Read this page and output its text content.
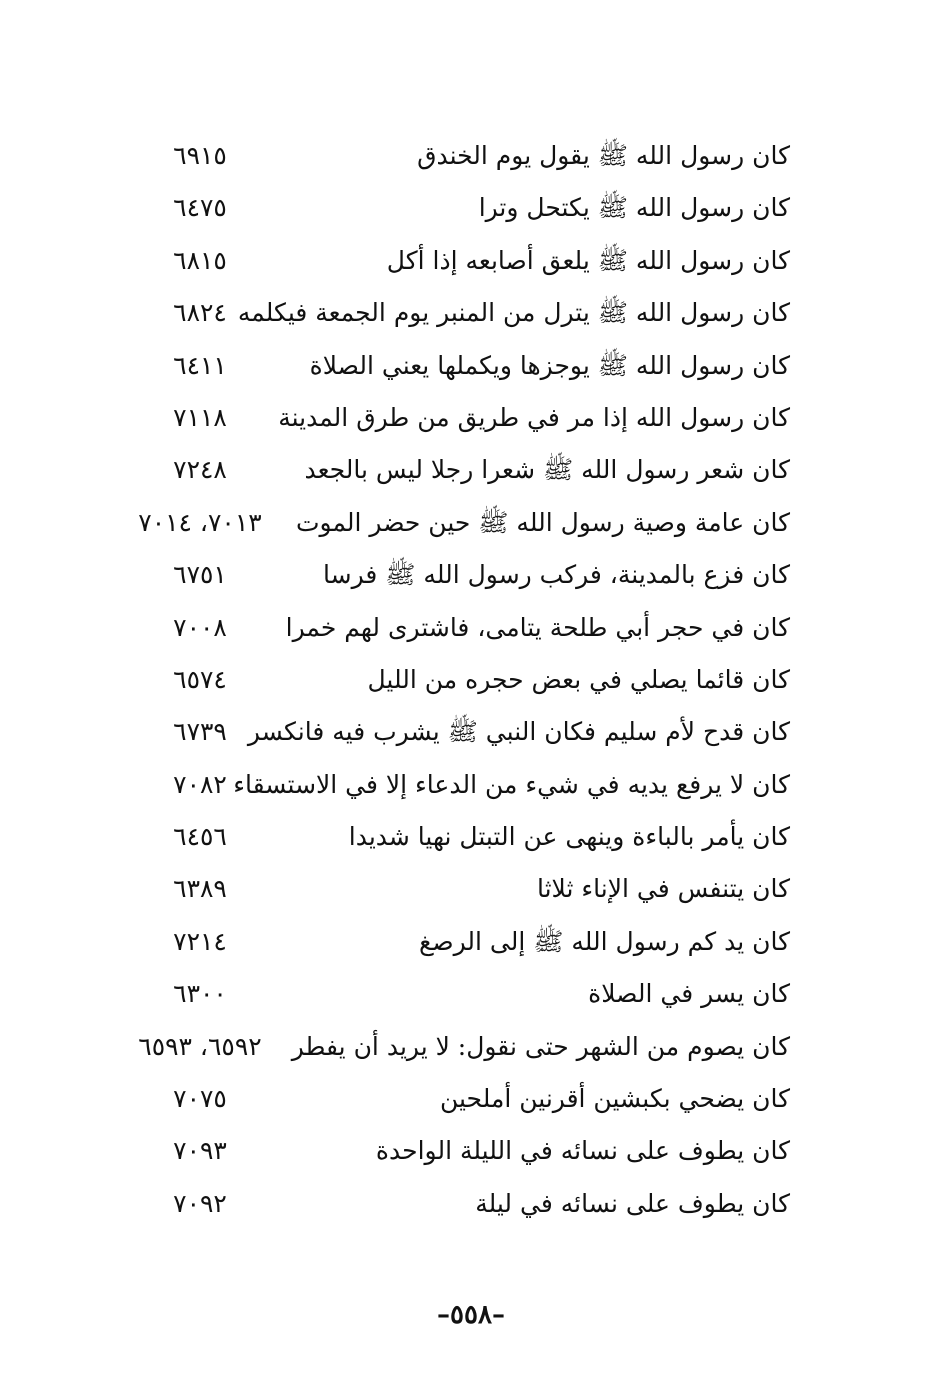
كان رسول الله ﷺ يقول يوم الخندق
٦٩١٥
كان رسول الله ﷺ يكتحل وترا
٦٤٧٥
كان رسول الله ﷺ يلعق أصابعه إذا أكل
٦٨١٥
كان رسول الله ﷺ يترل من المنبر يوم الجمعة فيكلمه
٦٨٢٤
كان رسول الله ﷺ يوجزها ويكملها يعني الصلاة
٦٤١١
كان رسول الله إذا مر في طريق من طرق المدينة
٧١١٨
كان شعر رسول الله ﷺ شعرا رجلا ليس بالجعد
٧٢٤٨
كان عامة وصية رسول الله ﷺ حين حضر الموت
٧٠١٣، ٧٠١٤
كان فزع بالمدينة، فركب رسول الله ﷺ فرسا
٦٧٥١
كان في حجر أبي طلحة يتامى، فاشترى لهم خمرا
٧٠٠٨
كان قائما يصلي في بعض حجره من الليل
٦٥٧٤
كان قدح لأم سليم فكان النبي ﷺ يشرب فيه فانكسر
٦٧٣٩
كان لا يرفع يديه في شيء من الدعاء إلا في الاستسقاء
٧٠٨٢
كان يأمر بالباءة وينهى عن التبتل نهيا شديدا
٦٤٥٦
كان يتنفس في الإناء ثلاثا
٦٣٨٩
كان يد كم رسول الله ﷺ إلى الرصغ
٧٢١٤
كان يسر في الصلاة
٦٣٠٠
كان يصوم من الشهر حتى نقول: لا يريد أن يفطر
٦٥٩٢، ٦٥٩٣
كان يضحي بكبشين أقرنين أملحين
٧٠٧٥
كان يطوف على نسائه في الليلة الواحدة
٧٠٩٣
كان يطوف على نسائه في ليلة
٧٠٩٢
–٥٥٨–
